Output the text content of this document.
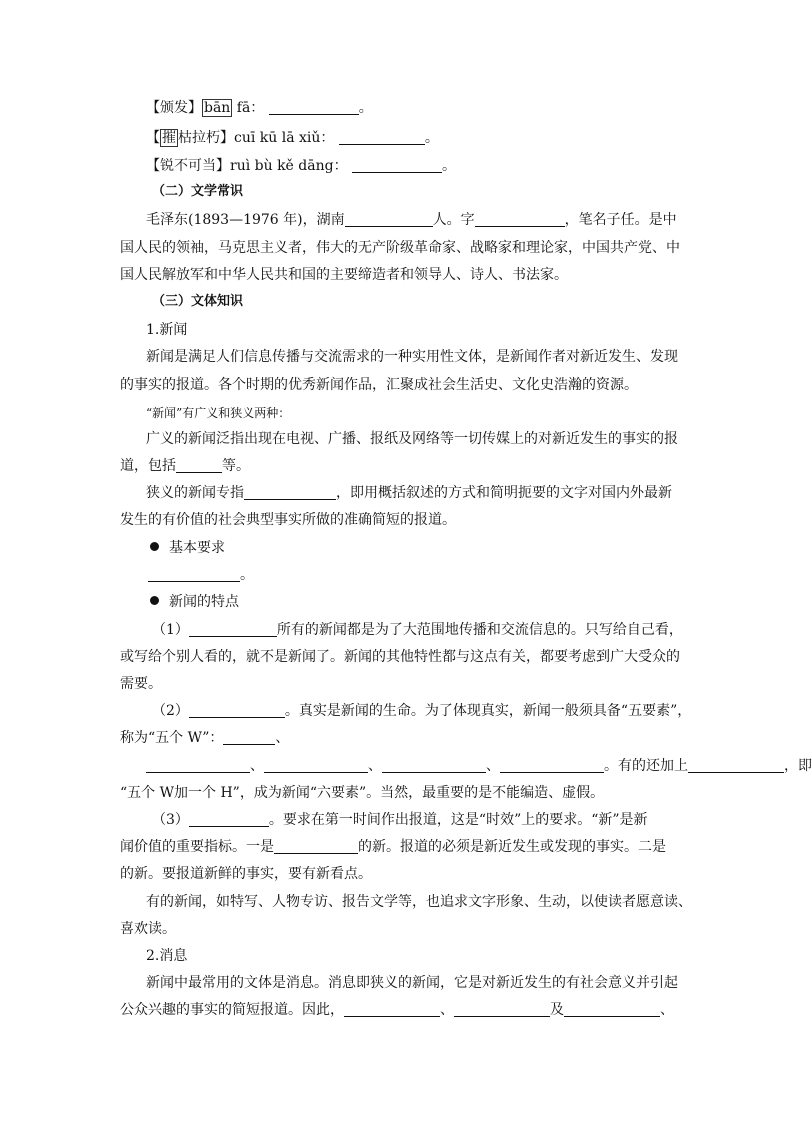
【颁发】 bān fā：	。
【 摧 枯拉朽】cuī kū lā xiǔ：	。
【锐不可当】ruì bù kě dāng：	。
（二）文学常识
毛泽东(1893—1976 年)，湖南	人。字	，笔名子任。是中
国人民的领袖，马克思主义者，伟大的无产阶级革命家、战略家和理论家，中国共产党、中
国人民解放军和中华人民共和国的主要缔造者和领导人、诗人、书法家。
（三）文体知识
1.新闻
新闻是满足人们信息传播与交流需求的一种实用性文体，是新闻作者对新近发生、发现
的事实的报道。各个时期的优秀新闻作品，汇聚成社会生活史、文化史浩瀚的资源。
“新闻”有广义和狭义两种：
广义的新闻泛指出现在电视、广播、报纸及网络等一切传媒上的对新近发生的事实的报
道，包括	等。
狭义的新闻专指	，即用概括叙述的方式和简明扼要的文字对国内外最新
发生的有价值的社会典型事实所做的准确简短的报道。
基本要求
。
新闻的特点
（1）	所有的新闻都是为了大范围地传播和交流信息的。只写给自己看，
或写给个别人看的，就不是新闻了。新闻的其他特性都与这点有关，都要考虑到广大受众的
需要。
（2）	。真实是新闻的生命。为了体现真实，新闻一般须具备“五要素”，
称为“五个 W”：	、
、	、	、	。有的还加上	，即
“五个 W加一个 H”，成为新闻“六要素”。当然，最重要的是不能编造、虚假。
（3）	。要求在第一时间作出报道，这是“时效”上的要求。“新”是新
闻价值的重要指标。一是	的新。报道的必须是新近发生或发现的事实。二是
的新。要报道新鲜的事实，要有新看点。
有的新闻，如特写、人物专访、报告文学等，也追求文字形象、生动，以使读者愿意读、
喜欢读。
2.消息
新闻中最常用的文体是消息。消息即狭义的新闻，它是对新近发生的有社会意义并引起
公众兴趣的事实的简短报道。因此，	、	及	、
